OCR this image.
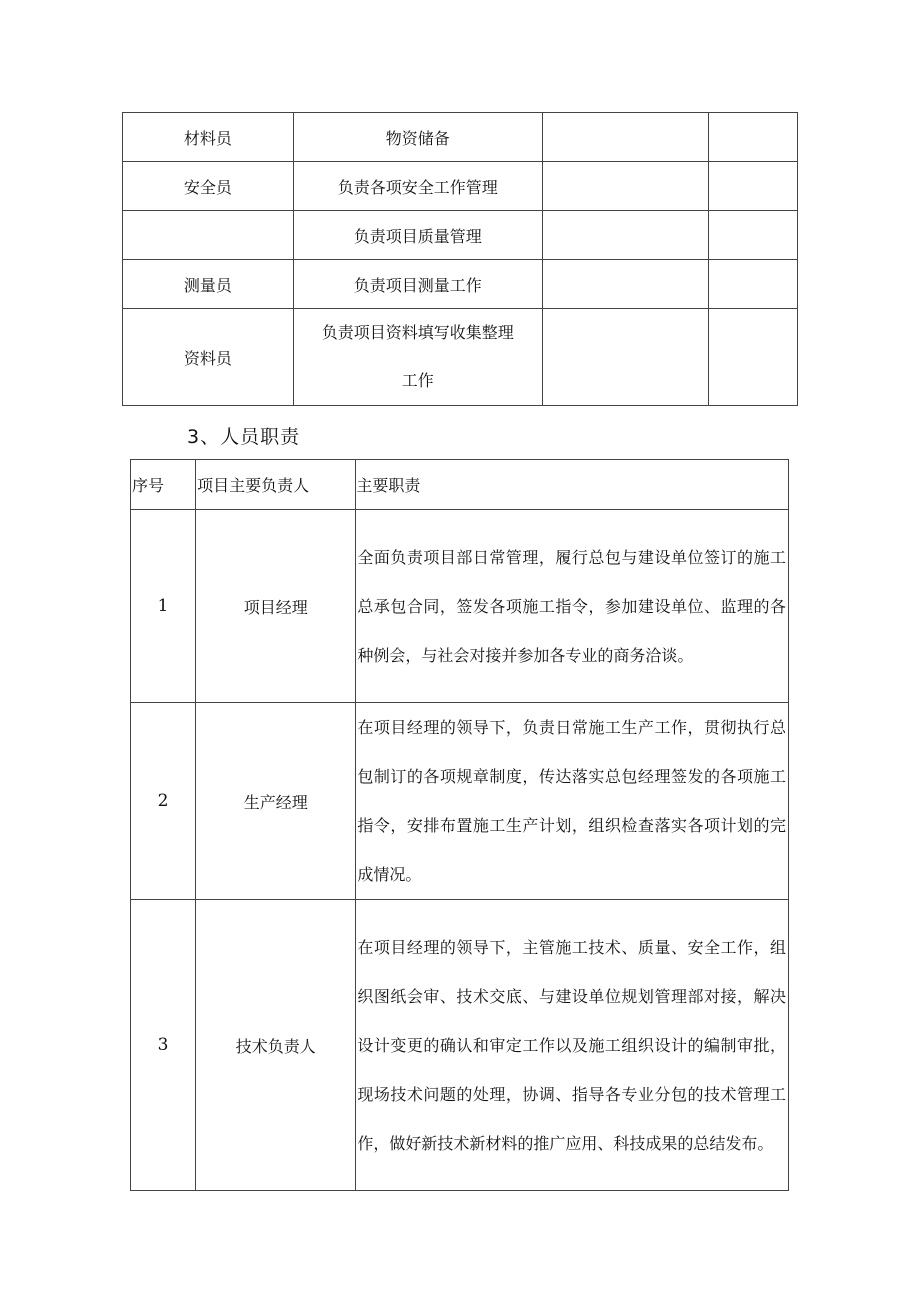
材料员	物资储备		
安全员	负责各项安全工作管理		
	负责项目质量管理		
测量员	负责项目测量工作		
资料员	负责项目资料填写收集整理
工作		
3、人员职责
序号	项目主要负责人	主要职责
1	项目经理	全面负责项目部日常管理，履行总包与建设单位签订的施工总承包合同，签发各项施工指令，参加建设单位、监理的各种例会，与社会对接并参加各专业的商务洽谈。
2	生产经理	在项目经理的领导下，负责日常施工生产工作，贯彻执行总包制订的各项规章制度，传达落实总包经理签发的各项施工指令，安排布置施工生产计划，组织检查落实各项计划的完成情况。
3	技术负责人	在项目经理的领导下，主管施工技术、质量、安全工作，组织图纸会审、技术交底、与建设单位规划管理部对接，解决设计变更的确认和审定工作以及施工组织设计的编制审批，现场技术问题的处理，协调、指导各专业分包的技术管理工作，做好新技术新材料的推广应用、科技成果的总结发布。
